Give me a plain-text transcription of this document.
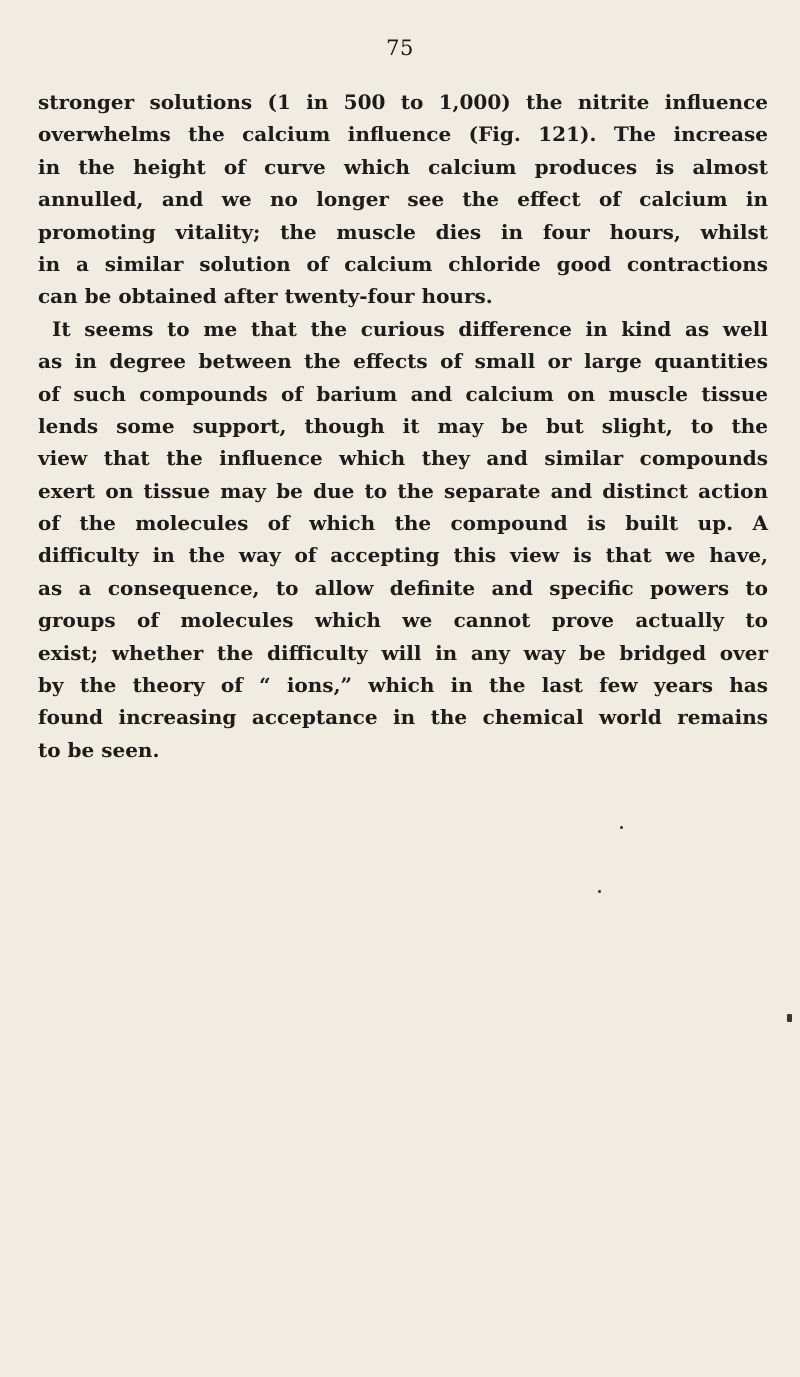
75
stronger solutions (1 in 500 to 1,000) the nitrite influence
overwhelms the calcium influence (Fig. 121). The increase
in the height of curve which calcium produces is almost
annulled, and we no longer see the effect of calcium in
promoting vitality; the muscle dies in four hours, whilst
in a similar solution of calcium chloride good contractions
can be obtained after twenty-four hours.
It seems to me that the curious difference in kind as well
as in degree between the effects of small or large quantities
of such compounds of barium and calcium on muscle tissue
lends some support, though it may be but slight, to the
view that the influence which they and similar compounds
exert on tissue may be due to the separate and distinct action
of the molecules of which the compound is built up. A
difficulty in the way of accepting this view is that we have,
as a consequence, to allow definite and specific powers to
groups of molecules which we cannot prove actually to
exist; whether the difficulty will in any way be bridged over
by the theory of “ ions,” which in the last few years has
found increasing acceptance in the chemical world remains
to be seen.
